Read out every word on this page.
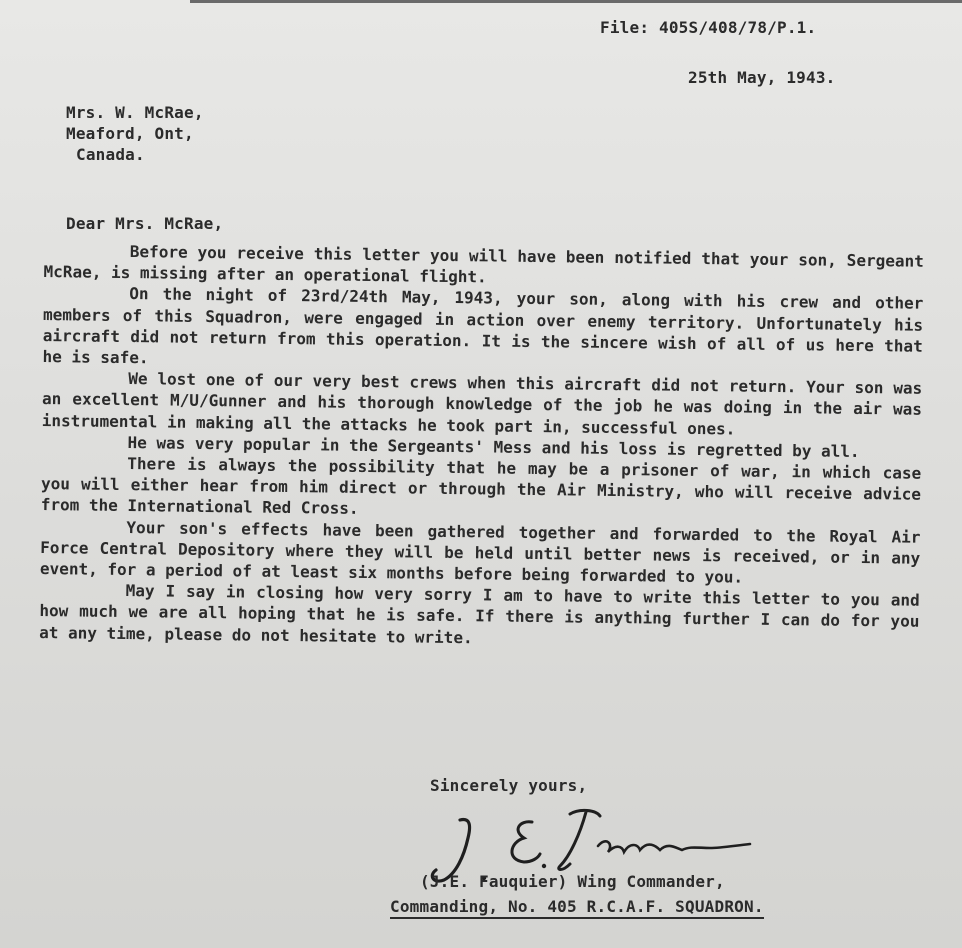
File: 405S/408/78/P.1.
25th May, 1943.
Mrs. W. McRae,
Meaford, Ont,
Canada.
Dear Mrs. McRae,
Before you receive this letter you will have been notified that your son, Sergeant McRae, is missing after an operational flight.
On the night of 23rd/24th May, 1943, your son, along with his crew and other members of this Squadron, were engaged in action over enemy territory. Unfortunately his aircraft did not return from this operation. It is the sincere wish of all of us here that he is safe.
We lost one of our very best crews when this aircraft did not return. Your son was an excellent M/U/Gunner and his thorough knowledge of the job he was doing in the air was instrumental in making all the attacks he took part in, successful ones.
He was very popular in the Sergeants' Mess and his loss is regretted by all.
There is always the possibility that he may be a prisoner of war, in which case you will either hear from him direct or through the Air Ministry, who will receive advice from the International Red Cross.
Your son's effects have been gathered together and forwarded to the Royal Air Force Central Depository where they will be held until better news is received, or in any event, for a period of at least six months before being forwarded to you.
May I say in closing how very sorry I am to have to write this letter to you and how much we are all hoping that he is safe. If there is anything further I can do for you at any time, please do not hesitate to write.
Sincerely yours,
(J.E. Fauquier) Wing Commander,
Commanding, No. 405 R.C.A.F. SQUADRON.
